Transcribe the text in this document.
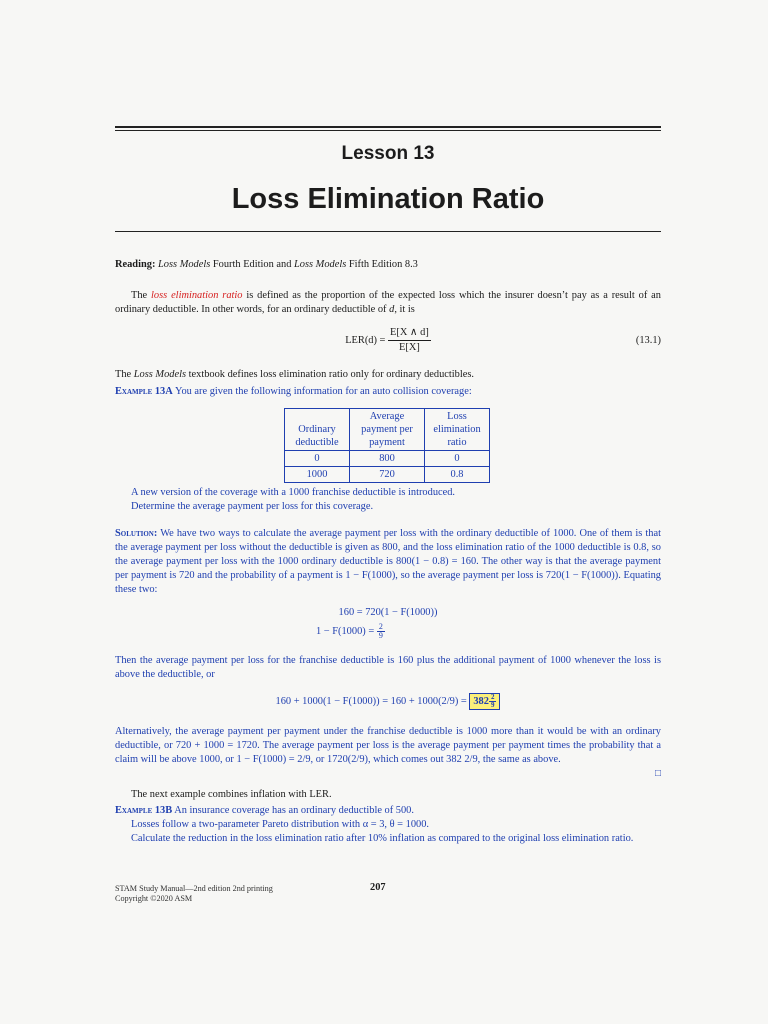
Lesson 13
Loss Elimination Ratio
Reading: Loss Models Fourth Edition and Loss Models Fifth Edition 8.3
The loss elimination ratio is defined as the proportion of the expected loss which the insurer doesn’t pay as a result of an ordinary deductible. In other words, for an ordinary deductible of d, it is
$LER(d) = \frac{E[X \wedge d]}{E[X]}$	(13.1)
The Loss Models textbook defines loss elimination ratio only for ordinary deductibles.
Example 13A You are given the following information for an auto collision coverage:
Ordinary deductible	Average payment per payment	Loss elimination ratio
0	800	0
1000	720	0.8
A new version of the coverage with a 1000 franchise deductible is introduced.
Determine the average payment per loss for this coverage.
Solution: We have two ways to calculate the average payment per loss with the ordinary deductible of 1000. One of them is that the average payment per loss without the deductible is given as 800, and the loss elimination ratio of the 1000 deductible is 0.8, so the average payment per loss with the 1000 ordinary deductible is 800(1 − 0.8) = 160. The other way is that the average payment per payment is 720 and the probability of a payment is 1 − F(1000), so the average payment per loss is 720(1 − F(1000)). Equating these two:
160 = 720(1 − F(1000))
$1 - F(1000) = \frac{2}{9}$
Then the average payment per loss for the franchise deductible is 160 plus the additional payment of 1000 whenever the loss is above the deductible, or
$160 + 1000(1 - F(1000)) = 160 + 1000(2/9) = 382 \frac{2}{9}$
Alternatively, the average payment per payment under the franchise deductible is 1000 more than it would be with an ordinary deductible, or 720 + 1000 = 1720. The average payment per loss is the average payment per payment times the probability that a claim will be above 1000, or 1 − F(1000) = 2/9, or 1720(2/9), which comes out 382 2/9, the same as above.
□
The next example combines inflation with LER.
Example 13B An insurance coverage has an ordinary deductible of 500.
Losses follow a two-parameter Pareto distribution with α = 3, θ = 1000.
Calculate the reduction in the loss elimination ratio after 10% inflation as compared to the original loss elimination ratio.
STAM Study Manual—2nd edition 2nd printing
Copyright ©2020 ASM
207
